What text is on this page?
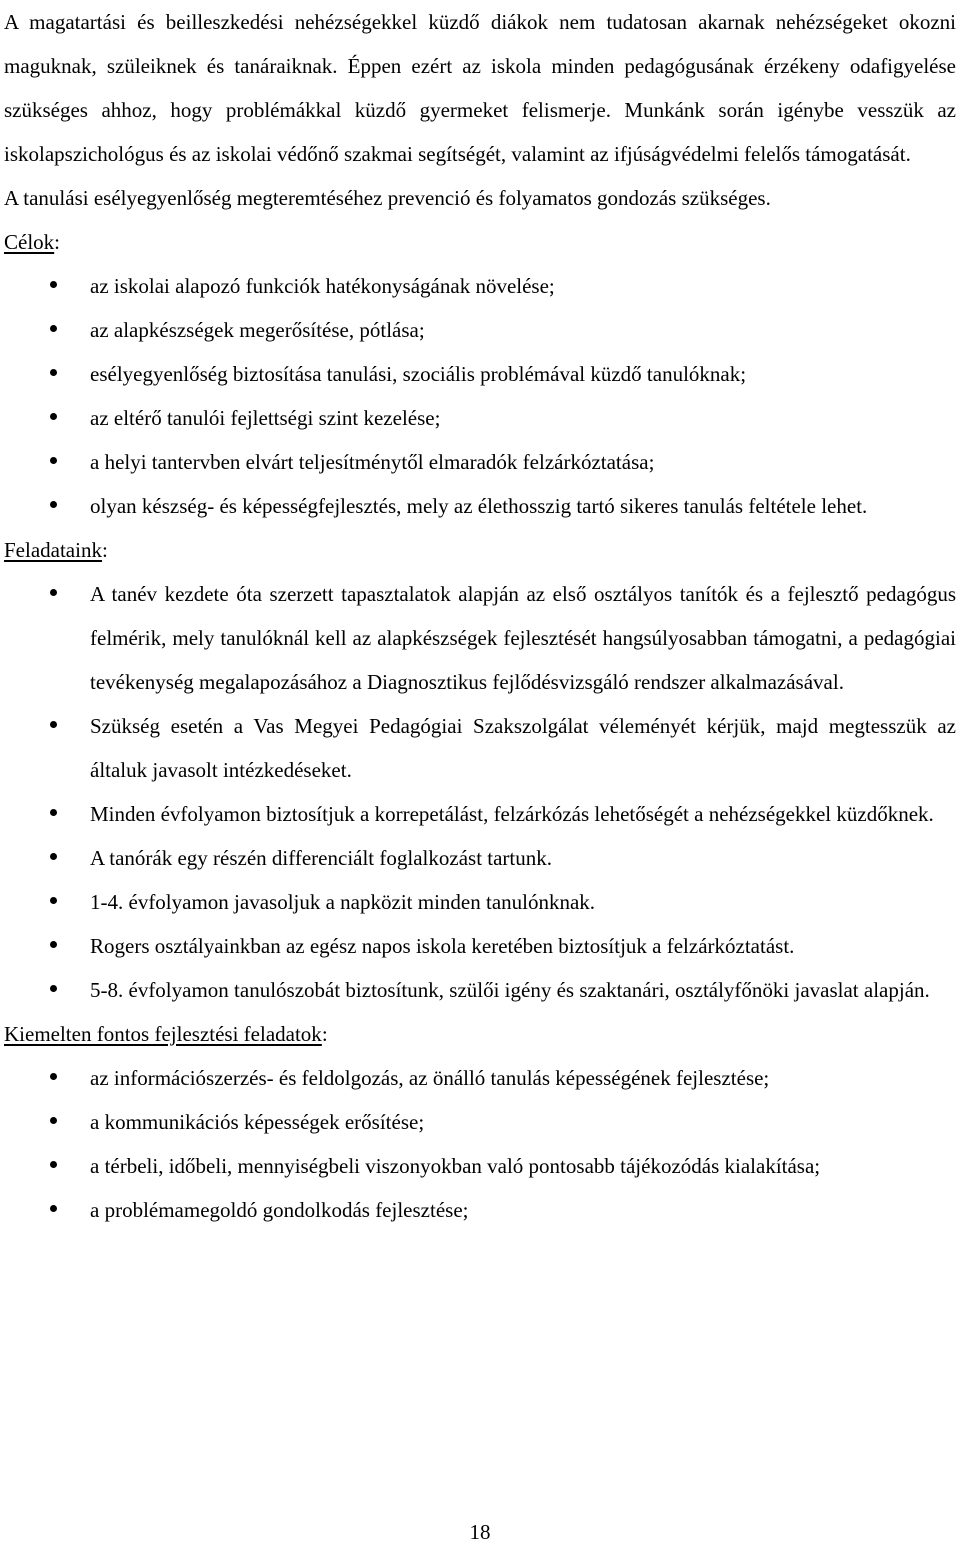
A magatartási és beilleszkedési nehézségekkel küzdő diákok nem tudatosan akarnak nehézségeket okozni maguknak, szüleiknek és tanáraiknak. Éppen ezért az iskola minden pedagógusának érzékeny odafigyelése szükséges ahhoz, hogy problémákkal küzdő gyermeket felismerje. Munkánk során igénybe vesszük az iskolapszichológus és az iskolai védőnő szakmai segítségét, valamint az ifjúságvédelmi felelős támogatását.

A tanulási esélyegyenlőség megteremtéséhez prevenció és folyamatos gondozás szükséges.

Célok:
az iskolai alapozó funkciók hatékonyságának növelése;
az alapkészségek megerősítése, pótlása;
esélyegyenlőség biztosítása tanulási, szociális problémával küzdő tanulóknak;
az eltérő tanulói fejlettségi szint kezelése;
a helyi tantervben elvárt teljesítménytől elmaradók felzárkóztatása;
olyan készség- és képességfejlesztés, mely az élethosszig tartó sikeres tanulás feltétele lehet.
Feladataink:
A tanév kezdete óta szerzett tapasztalatok alapján az első osztályos tanítók és a fejlesztő pedagógus felmérik, mely tanulóknál kell az alapkészségek fejlesztését hangsúlyosabban támogatni, a pedagógiai tevékenység megalapozásához a Diagnosztikus fejlődésvizsgáló rendszer alkalmazásával.
Szükség esetén a Vas Megyei Pedagógiai Szakszolgálat véleményét kérjük, majd megtesszük az általuk javasolt intézkedéseket.
Minden évfolyamon biztosítjuk a korrepetálást, felzárkózás lehetőségét a nehézségekkel küzdőknek.
A tanórák egy részén differenciált foglalkozást tartunk.
1-4. évfolyamon javasoljuk a napközit minden tanulónknak.
Rogers osztályainkban az egész napos iskola keretében biztosítjuk a felzárkóztatást.
5-8. évfolyamon tanulószobát biztosítunk, szülői igény és szaktanári, osztályfőnöki javaslat alapján.
Kiemelten fontos fejlesztési feladatok:
az információszerzés- és feldolgozás, az önálló tanulás képességének fejlesztése;
a kommunikációs képességek erősítése;
a térbeli, időbeli, mennyiségbeli viszonyokban való pontosabb tájékozódás kialakítása;
a problémamegoldó gondolkodás fejlesztése;
18
